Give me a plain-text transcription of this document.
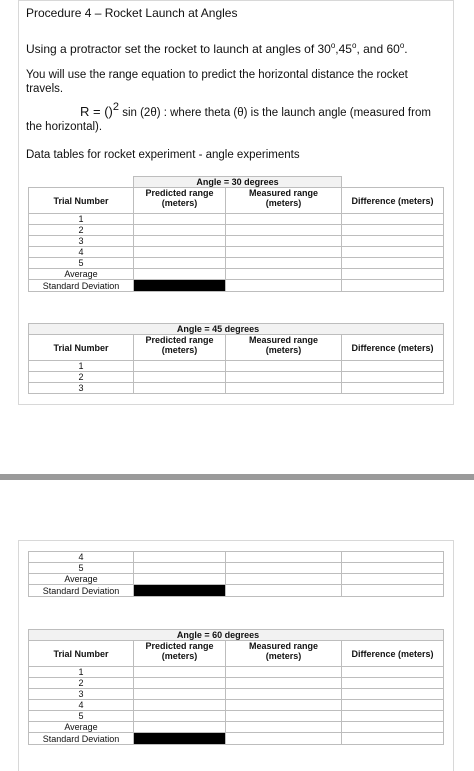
Procedure 4 – Rocket Launch at Angles
Using a protractor set the rocket to launch at angles of 30$^o$,45$^o$, and 60$^o$.
You will use the range equation to predict the horizontal distance the rocket
travels.
R = ()$^2$ sin (2θ) : where theta (θ) is the launch angle (measured from
the horizontal).
Data tables for rocket experiment - angle experiments
	Angle = 30 degrees		
Trial Number	Predicted range
(meters)	Measured range
(meters)	Difference (meters)
1			
2			
3			
4			
5			
Average			
Standard Deviation			
Angle = 45 degrees			
Trial Number	Predicted range
(meters)	Measured range
(meters)	Difference (meters)
1			
2			
3			
4			
5			
Average			
Standard Deviation			
Angle = 60 degrees			
Trial Number	Predicted range
(meters)	Measured range
(meters)	Difference (meters)
1			
2			
3			
4			
5			
Average			
Standard Deviation			
